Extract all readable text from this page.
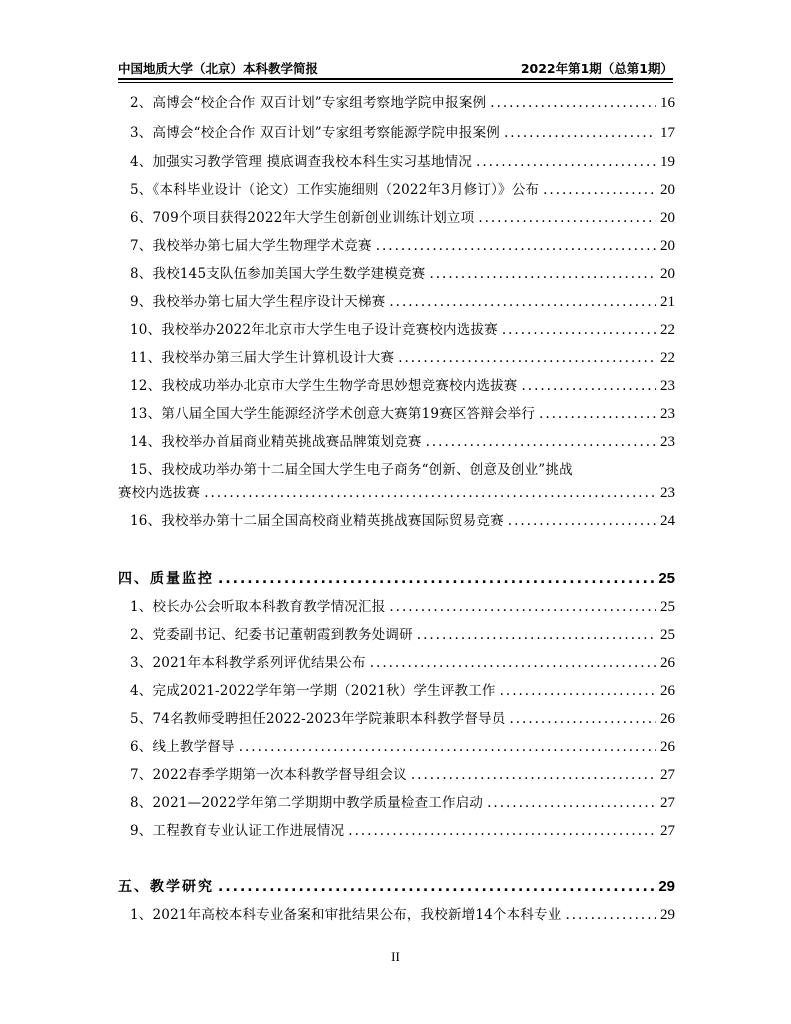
中国地质大学（北京）本科教学简报	2022年第1期（总第1期）
2、高博会“校企合作 双百计划”专家组考察地学院申报案例 .....	16
3、高博会“校企合作 双百计划”专家组考察能源学院申报案例 .....	17
4、加强实习教学管理 摸底调查我校本科生实习基地情况 .....	19
5、《本科毕业设计（论文）工作实施细则（2022年3月修订）》公布 .....	20
6、709个项目获得2022年大学生创新创业训练计划立项 .....	20
7、我校举办第七届大学生物理学术竞赛 .....	20
8、我校145支队伍参加美国大学生数学建模竞赛 .....	20
9、我校举办第七届大学生程序设计天梯赛 .....	21
10、我校举办2022年北京市大学生电子设计竞赛校内选拔赛 .....	22
11、我校举办第三届大学生计算机设计大赛 .....	22
12、我校成功举办北京市大学生生物学奇思妙想竞赛校内选拔赛 .....	23
13、第八届全国大学生能源经济学术创意大赛第19赛区答辩会举行 .....	23
14、我校举办首届商业精英挑战赛品牌策划竞赛 .....	23
15、我校成功举办第十二届全国大学生电子商务“创新、创意及创业”挑战
赛校内选拔赛 .....	23
16、我校举办第十二届全国高校商业精英挑战赛国际贸易竞赛 .....	24
四、质量监控 .....	25
1、校长办公会听取本科教育教学情况汇报 .....	25
2、党委副书记、纪委书记董朝霞到教务处调研 .....	25
3、2021年本科教学系列评优结果公布 .....	26
4、完成2021-2022学年第一学期（2021秋）学生评教工作 .....	26
5、74名教师受聘担任2022-2023年学院兼职本科教学督导员 .....	26
6、线上教学督导 .....	26
7、2022春季学期第一次本科教学督导组会议 .....	27
8、2021—2022学年第二学期期中教学质量检查工作启动 .....	27
9、工程教育专业认证工作进展情况 .....	27
五、教学研究 .....	29
1、2021年高校本科专业备案和审批结果公布，我校新增14个本科专业 .....	29
II
